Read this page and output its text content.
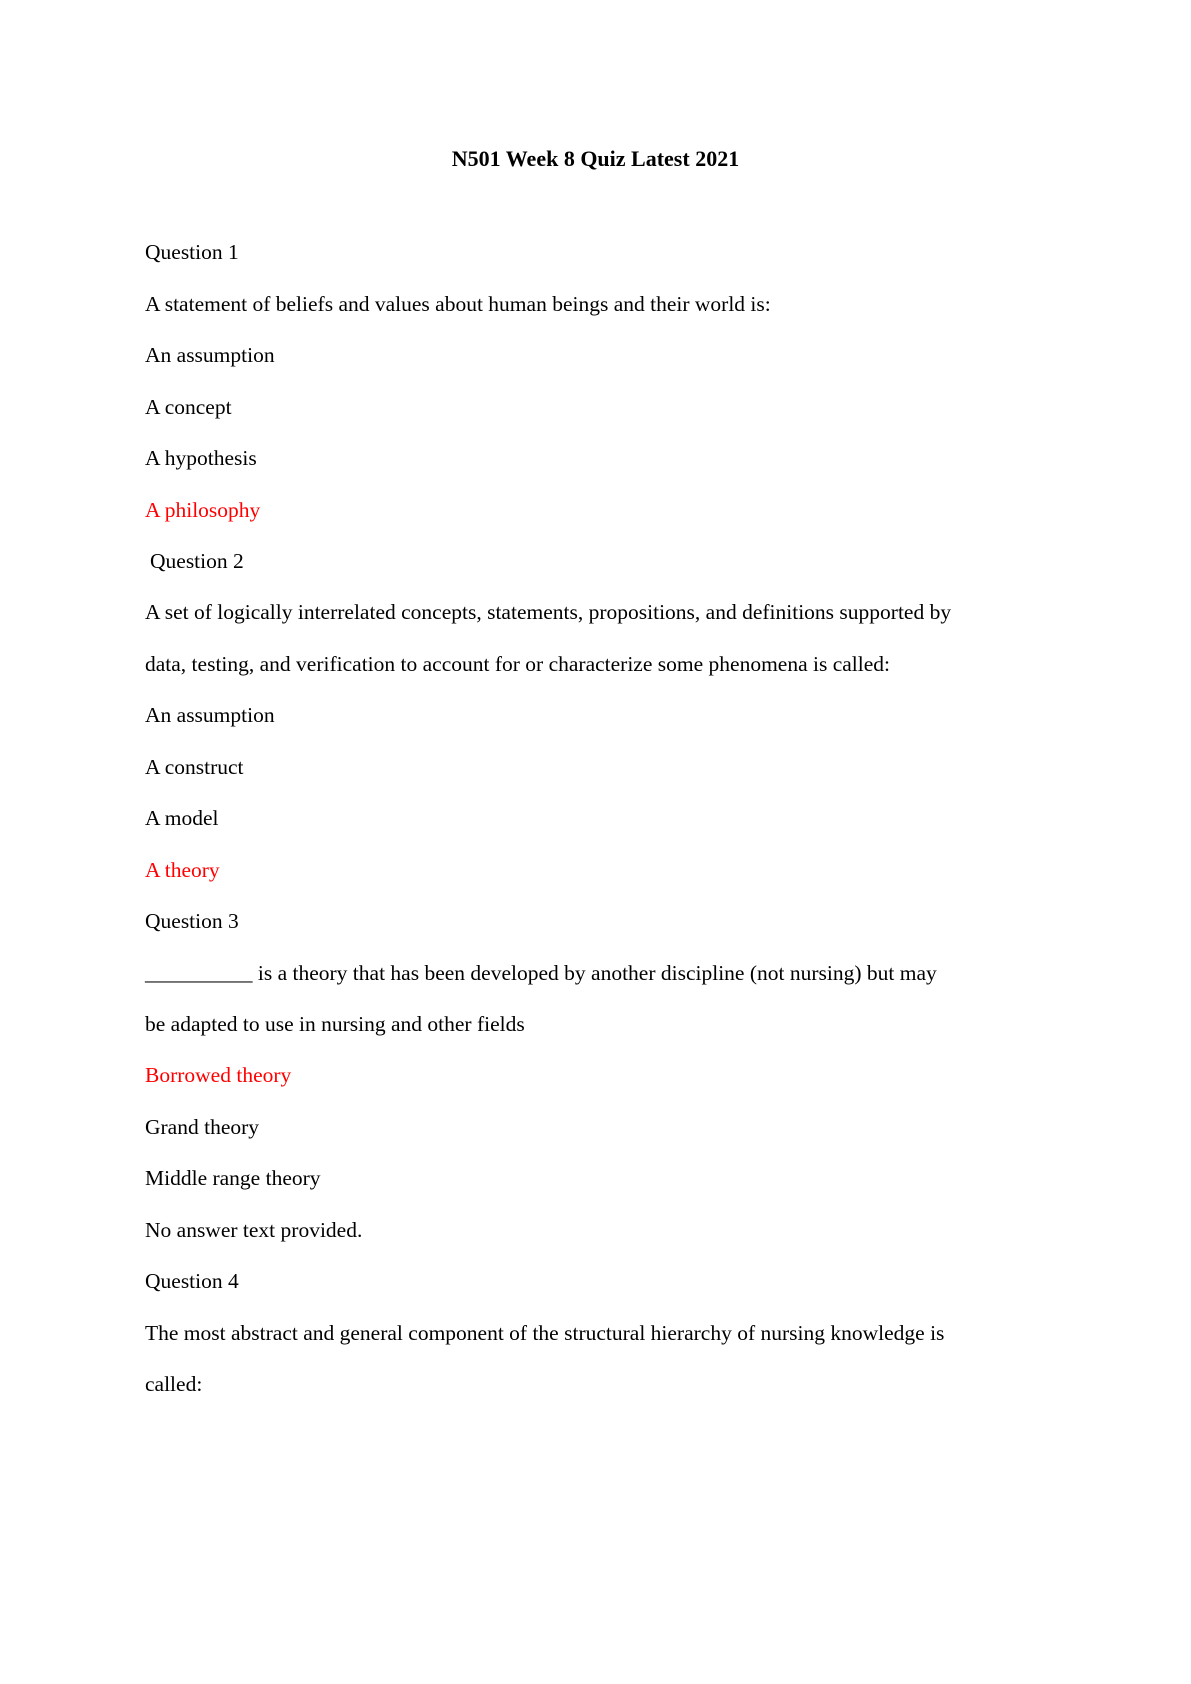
N501 Week 8 Quiz Latest 2021
Question 1
A statement of beliefs and values about human beings and their world is:
An assumption
A concept
A hypothesis
A philosophy
Question 2
A set of logically interrelated concepts, statements, propositions, and definitions supported by
data, testing, and verification to account for or characterize some phenomena is called:
An assumption
A construct
A model
A theory
Question 3
__________ is a theory that has been developed by another discipline (not nursing) but may
be adapted to use in nursing and other fields
Borrowed theory
Grand theory
Middle range theory
No answer text provided.
Question 4
The most abstract and general component of the structural hierarchy of nursing knowledge is
called:
